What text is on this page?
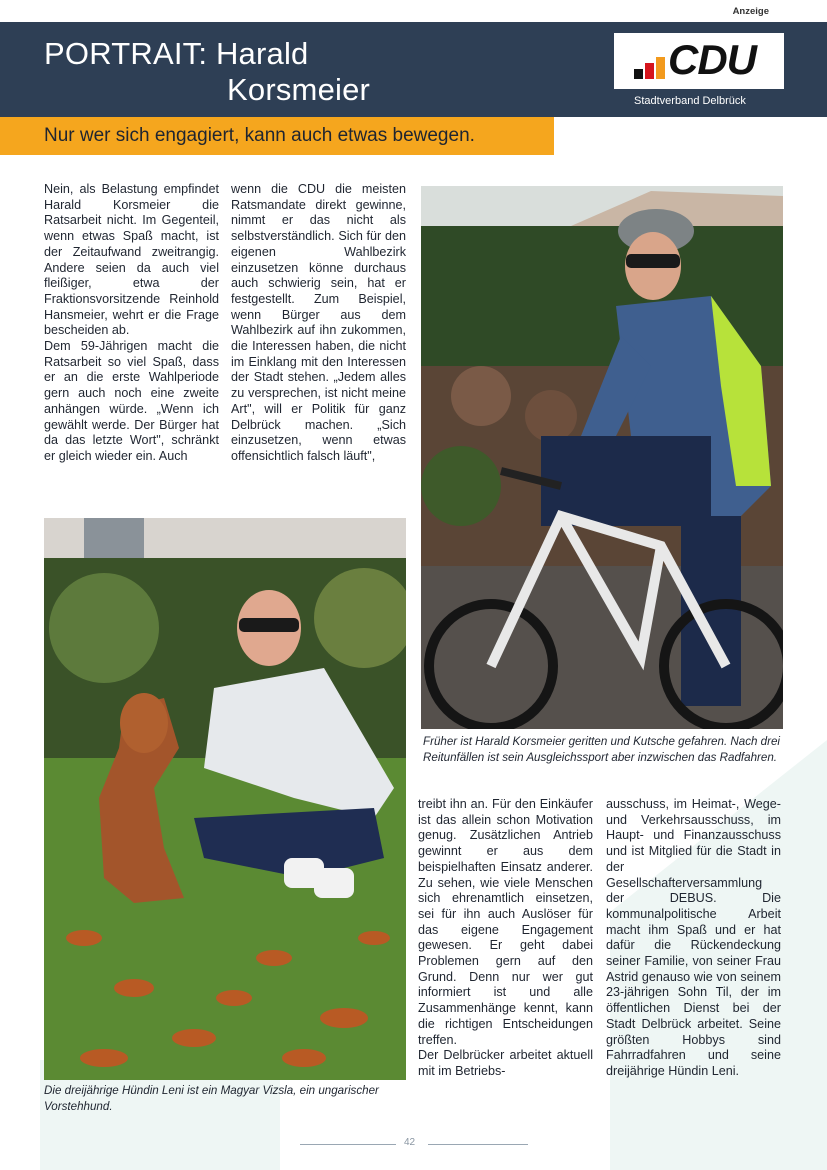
Anzeige
PORTRAIT: Harald
Korsmeier
CDU
Stadtverband Delbrück
Nur wer sich engagiert, kann auch etwas bewegen.

Nein, als Belastung empfindet Harald Korsmeier die Ratsarbeit nicht. Im Gegenteil, wenn etwas Spaß macht, ist der Zeitaufwand zweitrangig. Andere seien da auch viel fleißiger, etwa der Fraktionsvorsitzende Reinhold Hansmeier, wehrt er die Frage bescheiden ab.

Dem 59-Jährigen macht die Ratsarbeit so viel Spaß, dass er an die erste Wahlperiode gern auch noch eine zweite anhängen würde. „Wenn ich gewählt werde. Der Bürger hat da das letzte Wort", schränkt er gleich wieder ein. Auch

wenn die CDU die meisten Ratsmandate direkt gewinne, nimmt er das nicht als selbstverständlich. Sich für den eigenen Wahlbezirk einzusetzen könne durchaus auch schwierig sein, hat er festgestellt. Zum Beispiel, wenn Bürger aus dem Wahlbezirk auf ihn zukommen, die Interessen haben, die nicht im Einklang mit den Interessen der Stadt stehen. „Jedem alles zu versprechen, ist nicht meine Art", will er Politik für ganz Delbrück machen. „Sich einzusetzen, wenn etwas offensichtlich falsch läuft",

treibt ihn an. Für den Einkäufer ist das allein schon Motivation genug. Zusätzlichen Antrieb gewinnt er aus dem beispielhaften Einsatz anderer. Zu sehen, wie viele Menschen sich ehrenamtlich einsetzen, sei für ihn auch Auslöser für das eigene Engagement gewesen. Er geht dabei Problemen gern auf den Grund. Denn nur wer gut informiert ist und alle Zusammenhänge kennt, kann die richtigen Entscheidungen treffen.

Der Delbrücker arbeitet aktuell mit im Betriebs-

ausschuss, im Heimat-, Wege- und Verkehrsausschuss, im Haupt- und Finanzausschuss und ist Mitglied für die Stadt in der Gesellschafterversammlung der DEBUS. Die kommunalpolitische Arbeit macht ihm Spaß und er hat dafür die Rückendeckung seiner Familie, von seiner Frau Astrid genauso wie von seinem 23-jährigen Sohn Til, der im öffentlichen Dienst bei der Stadt Delbrück arbeitet. Seine größten Hobbys sind Fahrradfahren und seine dreijährige Hündin Leni.

Früher ist Harald Korsmeier geritten und Kutsche gefahren. Nach drei Reitunfällen ist sein Ausgleichssport aber inzwischen das Radfahren.
Die dreijährige Hündin Leni ist ein Magyar Vizsla, ein ungarischer Vorstehhund.
42
